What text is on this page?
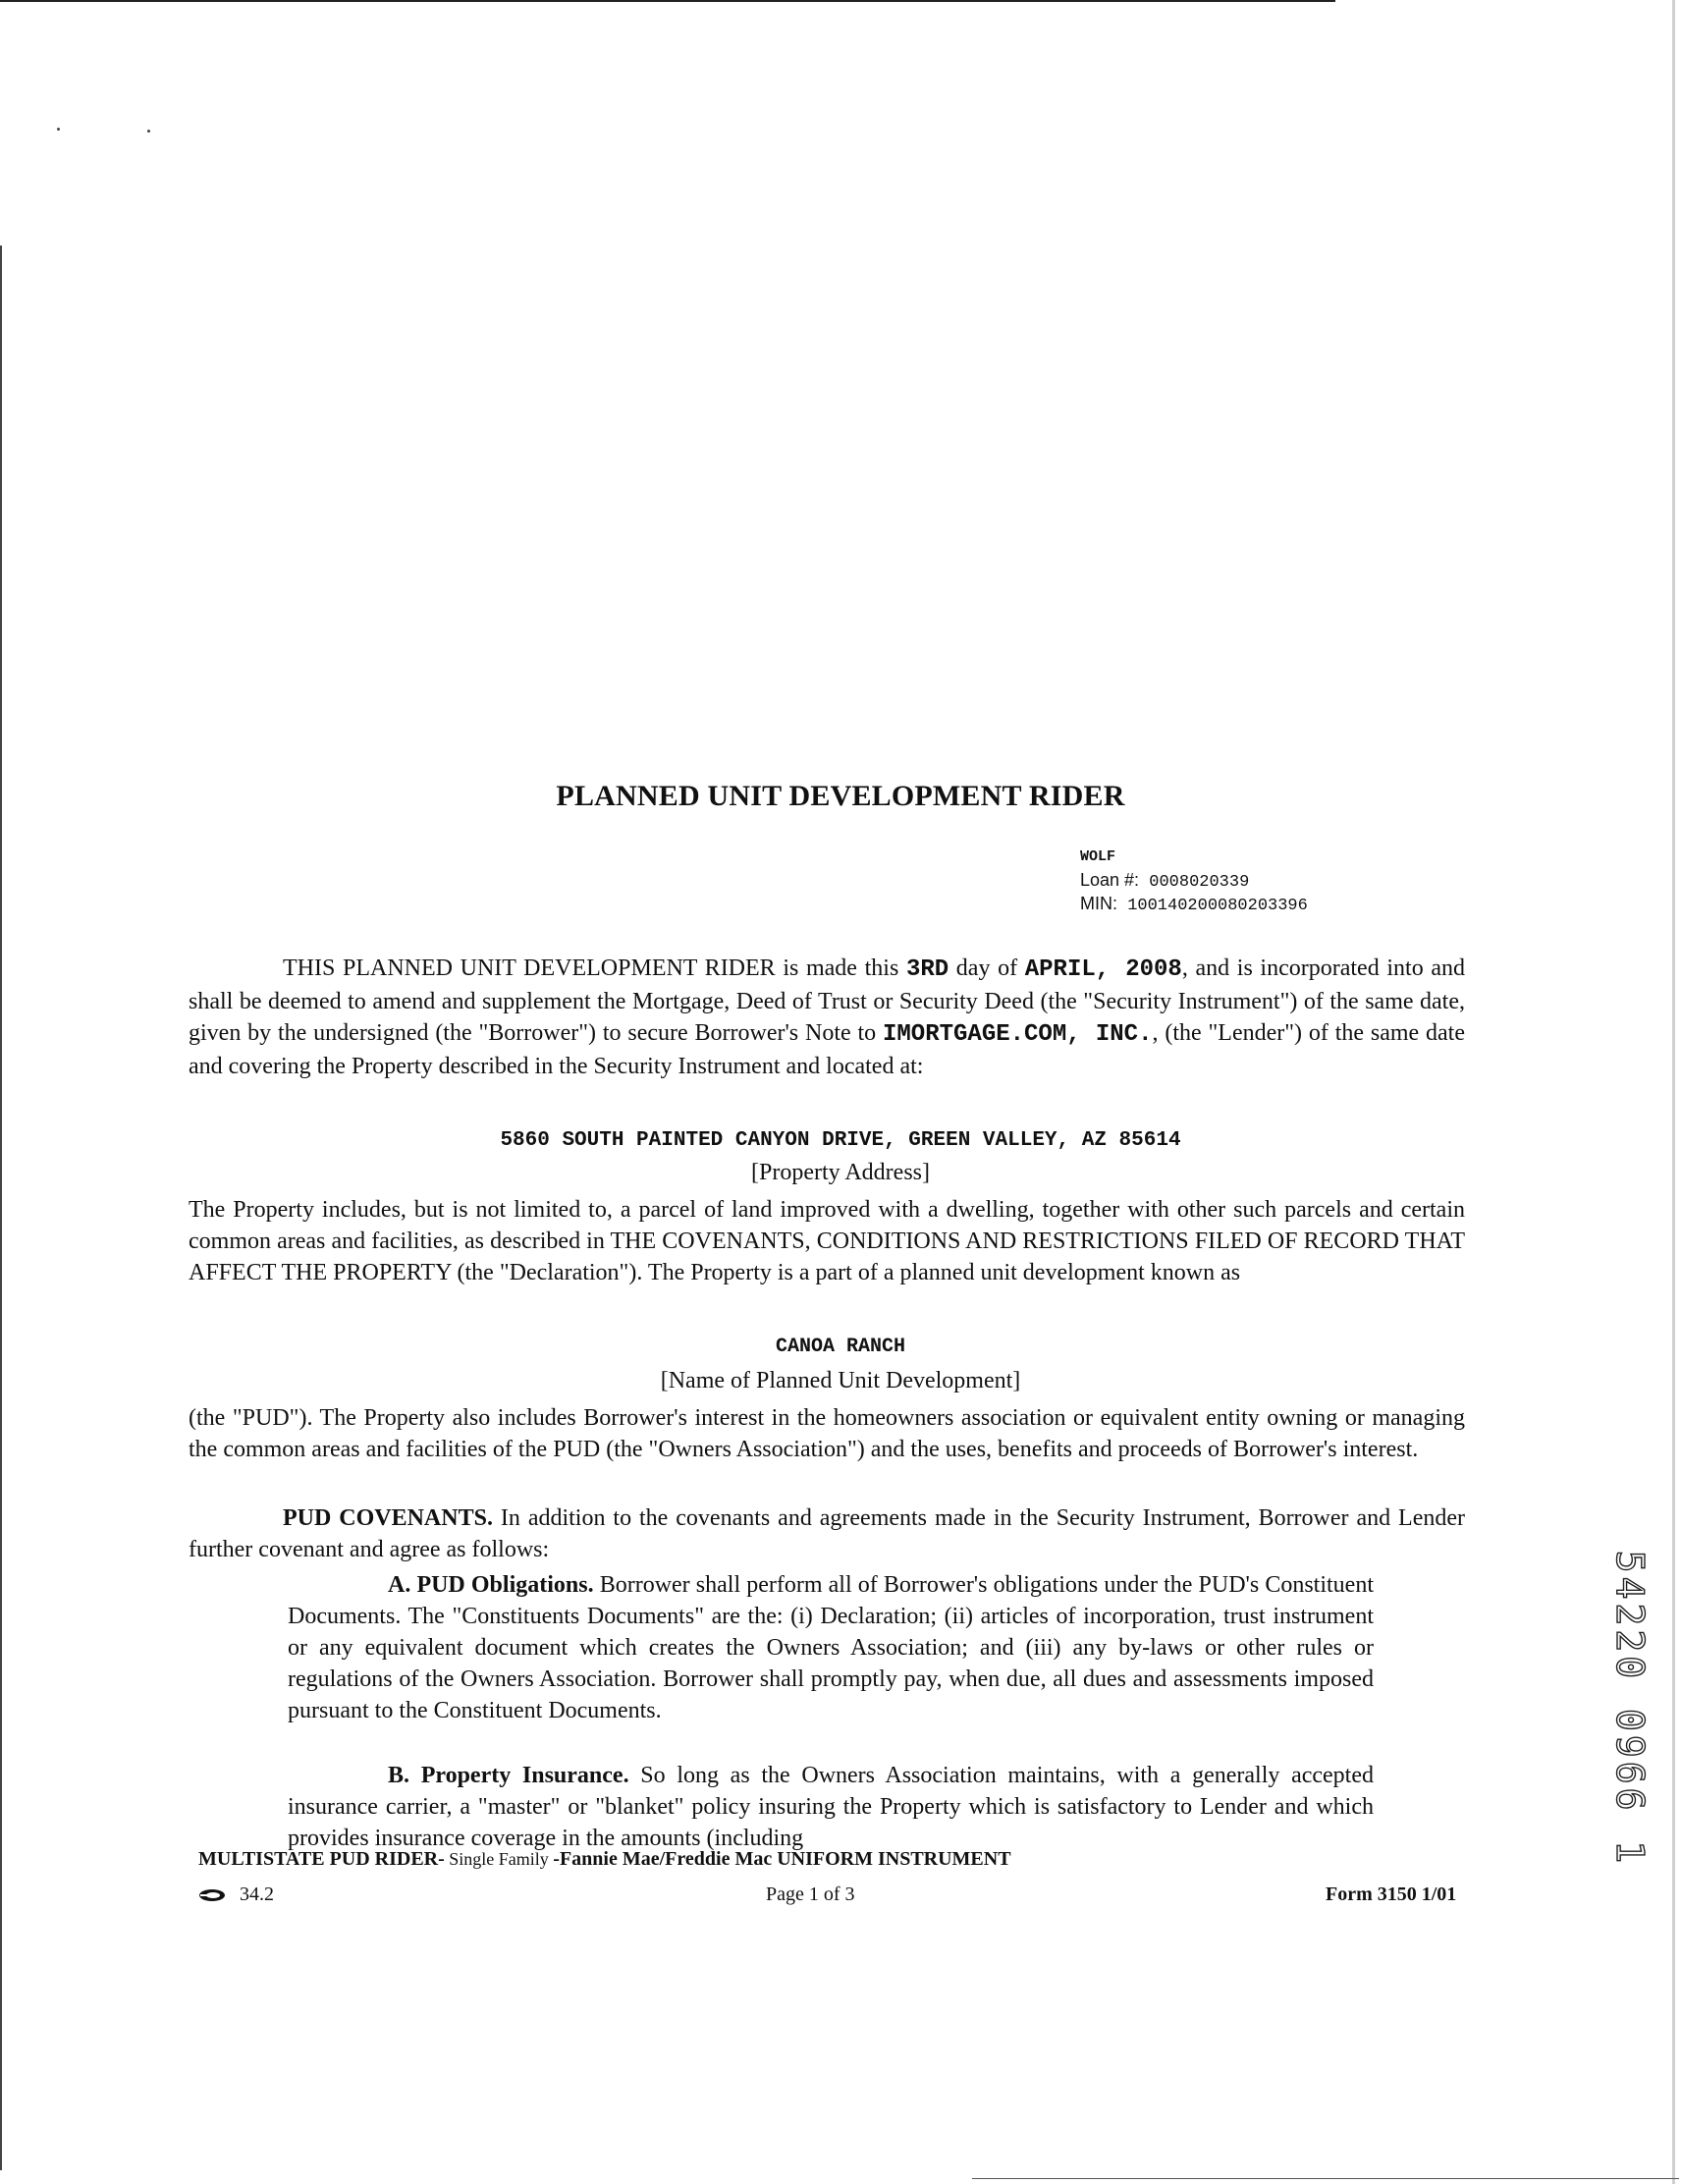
PLANNED UNIT DEVELOPMENT RIDER
WOLF
Loan #: 0008020339
MIN: 100140200080203396
THIS PLANNED UNIT DEVELOPMENT RIDER is made this 3RD day of APRIL, 2008, and is incorporated into and shall be deemed to amend and supplement the Mortgage, Deed of Trust or Security Deed (the "Security Instrument") of the same date, given by the undersigned (the "Borrower") to secure Borrower's Note to IMORTGAGE.COM, INC., (the "Lender") of the same date and covering the Property described in the Security Instrument and located at:
5860 SOUTH PAINTED CANYON DRIVE, GREEN VALLEY, AZ 85614
[Property Address]
The Property includes, but is not limited to, a parcel of land improved with a dwelling, together with other such parcels and certain common areas and facilities, as described in THE COVENANTS, CONDITIONS AND RESTRICTIONS FILED OF RECORD THAT AFFECT THE PROPERTY (the "Declaration"). The Property is a part of a planned unit development known as
CANOA RANCH
[Name of Planned Unit Development]
(the "PUD"). The Property also includes Borrower's interest in the homeowners association or equivalent entity owning or managing the common areas and facilities of the PUD (the "Owners Association") and the uses, benefits and proceeds of Borrower's interest.
PUD COVENANTS. In addition to the covenants and agreements made in the Security Instrument, Borrower and Lender further covenant and agree as follows:
A. PUD Obligations. Borrower shall perform all of Borrower's obligations under the PUD's Constituent Documents. The "Constituents Documents" are the: (i) Declaration; (ii) articles of incorporation, trust instrument or any equivalent document which creates the Owners Association; and (iii) any by-laws or other rules or regulations of the Owners Association. Borrower shall promptly pay, when due, all dues and assessments imposed pursuant to the Constituent Documents.
B. Property Insurance. So long as the Owners Association maintains, with a generally accepted insurance carrier, a "master" or "blanket" policy insuring the Property which is satisfactory to Lender and which provides insurance coverage in the amounts (including	54220 0966 1
MULTISTATE PUD RIDER- Single Family -Fannie Mae/Freddie Mac UNIFORM INSTRUMENT
34.2	Page 1 of 3	Form 3150 1/01
